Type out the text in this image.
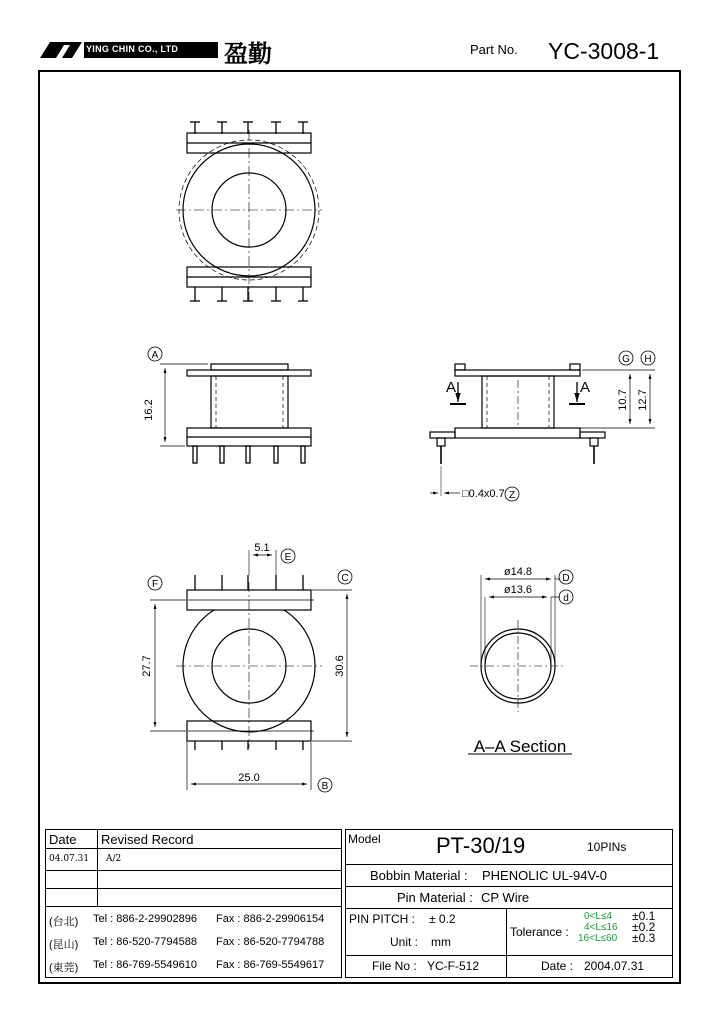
YING CHIN CO., LTD 盈勤	Part No. YC-3008-1
16.2	10.7 12.7
□0.4x0.7
5.1
27.7	30.6
25.0
ø14.8
ø13.6
A–A Section
A	A
A	G H
Z
E
F
C
B
D
d
Date Revised Record
04.07.31 A/2
(台北) Tel : 886-2-29902896 Fax : 886-2-29906154
(昆山) Tel : 86-520-7794588 Fax : 86-520-7794788
(東莞) Tel : 86-769-5549610 Fax : 86-769-5549617
Model	PT-30/19	10PINs
Bobbin Material : PHENOLIC UL-94V-0
Pin Material : CP Wire
PIN PITCH : ± 0.2
Unit : mm
File No : YC-F-512
Tolerance :
0<L≤4 ±0.1
4<L≤16 ±0.2
16<L≤60 ±0.3
Date : 2004.07.31
